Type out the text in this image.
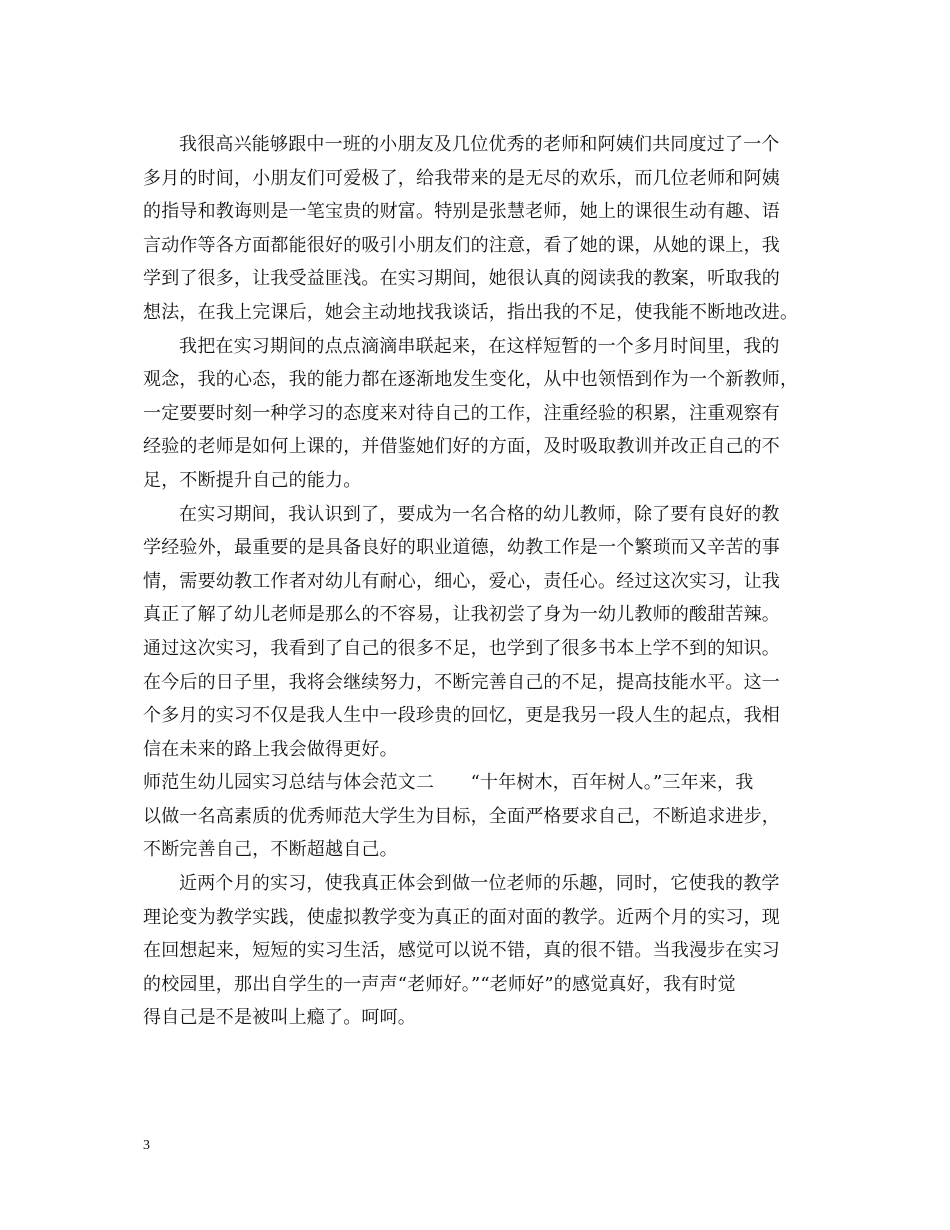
我很高兴能够跟中一班的小朋友及几位优秀的老师和阿姨们共同度过了一个
多月的时间，小朋友们可爱极了，给我带来的是无尽的欢乐，而几位老师和阿姨
的指导和教诲则是一笔宝贵的财富。特别是张慧老师，她上的课很生动有趣、语
言动作等各方面都能很好的吸引小朋友们的注意，看了她的课，从她的课上，我
学到了很多，让我受益匪浅。在实习期间，她很认真的阅读我的教案，听取我的
想法，在我上完课后，她会主动地找我谈话，指出我的不足，使我能不断地改进。
我把在实习期间的点点滴滴串联起来，在这样短暂的一个多月时间里，我的
观念，我的心态，我的能力都在逐渐地发生变化，从中也领悟到作为一个新教师，
一定要要时刻一种学习的态度来对待自己的工作，注重经验的积累，注重观察有
经验的老师是如何上课的，并借鉴她们好的方面，及时吸取教训并改正自己的不
足，不断提升自己的能力。
在实习期间，我认识到了，要成为一名合格的幼儿教师，除了要有良好的教
学经验外，最重要的是具备良好的职业道德，幼教工作是一个繁琐而又辛苦的事
情，需要幼教工作者对幼儿有耐心，细心，爱心，责任心。经过这次实习，让我
真正了解了幼儿老师是那么的不容易，让我初尝了身为一幼儿教师的酸甜苦辣。
通过这次实习，我看到了自己的很多不足，也学到了很多书本上学不到的知识。
在今后的日子里，我将会继续努力，不断完善自己的不足，提高技能水平。这一
个多月的实习不仅是我人生中一段珍贵的回忆，更是我另一段人生的起点，我相
信在未来的路上我会做得更好。
师范生幼儿园实习总结与体会范文二　　“十年树木，百年树人。”三年来，我
以做一名高素质的优秀师范大学生为目标，全面严格要求自己，不断追求进步，
不断完善自己，不断超越自己。
近两个月的实习，使我真正体会到做一位老师的乐趣，同时，它使我的教学
理论变为教学实践，使虚拟教学变为真正的面对面的教学。近两个月的实习，现
在回想起来，短短的实习生活，感觉可以说不错，真的很不错。当我漫步在实习
的校园里，那出自学生的一声声“老师好。”“老师好”的感觉真好，我有时觉
得自己是不是被叫上瘾了。呵呵。
3
